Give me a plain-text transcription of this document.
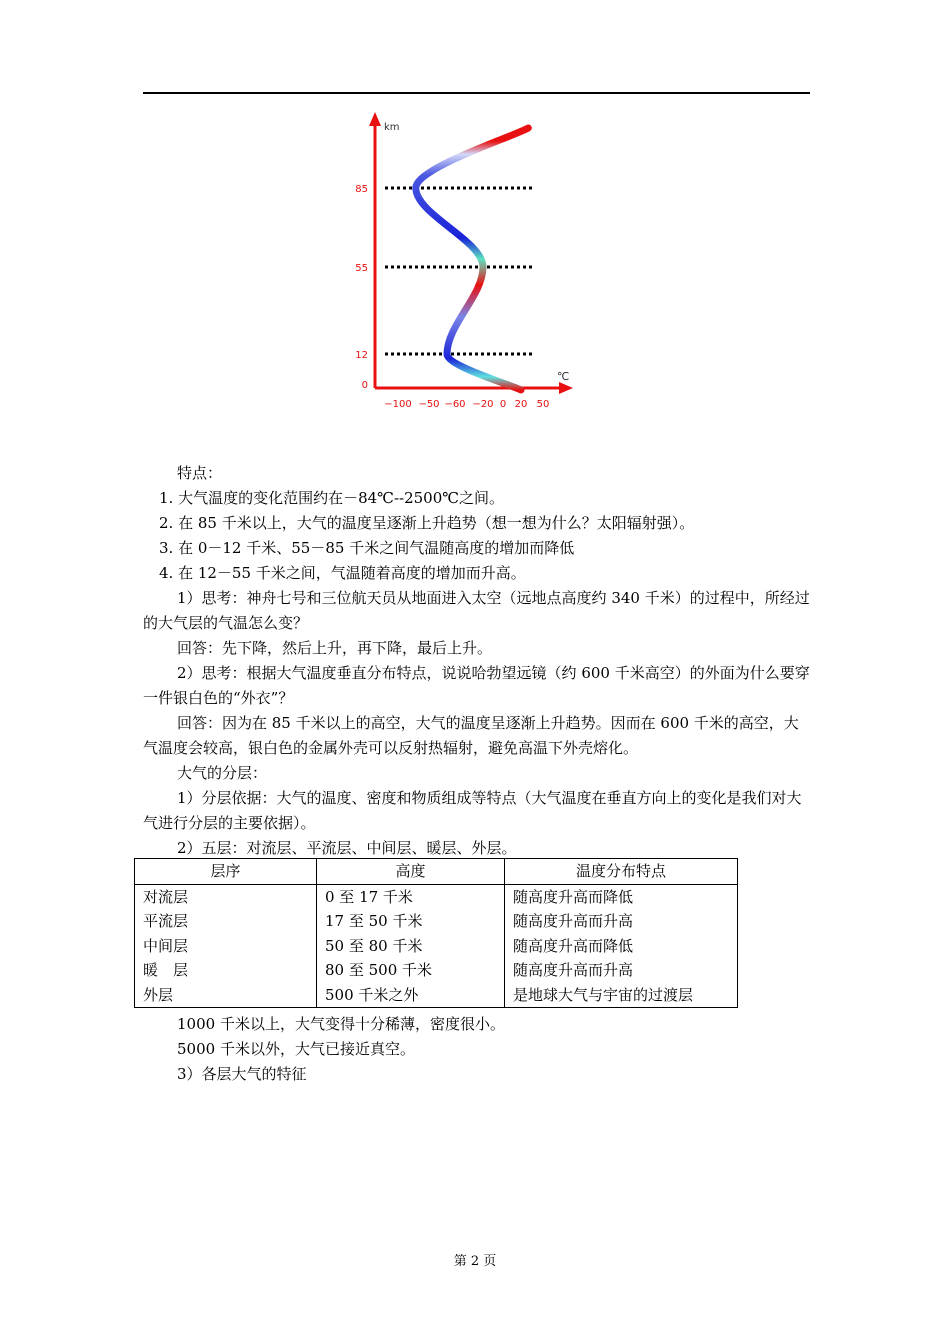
km
℃
0
12
55
85
−100 −50 −60 −20 0 20 50

特点：

1. 大气温度的变化范围约在－84℃--2500℃之间。

2. 在 85 千米以上，大气的温度呈逐渐上升趋势（想一想为什么？太阳辐射强）。

3. 在 0－12 千米、55－85 千米之间气温随高度的增加而降低

4. 在 12－55 千米之间，气温随着高度的增加而升高。

1）思考：神舟七号和三位航天员从地面进入太空（远地点高度约 340 千米）的过程中，所经过的大气层的气温怎么变？

回答：先下降，然后上升，再下降，最后上升。

2）思考：根据大气温度垂直分布特点，说说哈勃望远镜（约 600 千米高空）的外面为什么要穿一件银白色的“外衣”？

回答：因为在 85 千米以上的高空，大气的温度呈逐渐上升趋势。因而在 600 千米的高空，大气温度会较高，银白色的金属外壳可以反射热辐射，避免高温下外壳熔化。

大气的分层：

1）分层依据：大气的温度、密度和物质组成等特点（大气温度在垂直方向上的变化是我们对大气进行分层的主要依据）。

2）五层：对流层、平流层、中间层、暖层、外层。

层序	高度	温度分布特点
对流层	0 至 17 千米	随高度升高而降低
平流层	17 至 50 千米	随高度升高而升高
中间层	50 至 80 千米	随高度升高而降低
暖　层	80 至 500 千米	随高度升高而升高
外层	500 千米之外	是地球大气与宇宙的过渡层

1000 千米以上，大气变得十分稀薄，密度很小。

5000 千米以外，大气已接近真空。

3）各层大气的特征

第 2 页
